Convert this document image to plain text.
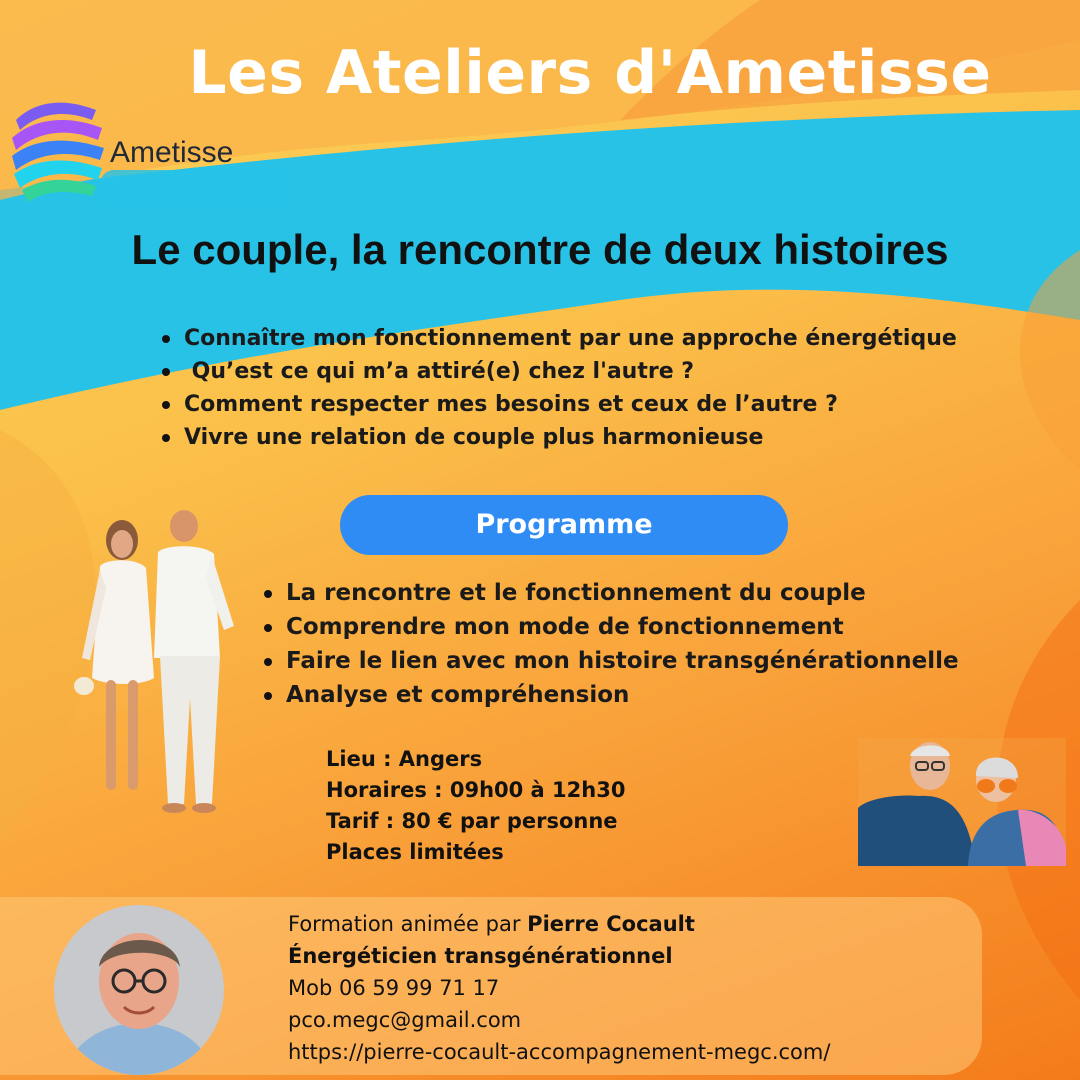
Les Ateliers d'Ametisse
Ametisse
Le couple, la rencontre de deux histoires
Connaître mon fonctionnement par une approche énergétique
Qu’est ce qui m’a attiré(e) chez l'autre ?
Comment respecter mes besoins et ceux de l’autre ?
Vivre une relation de couple plus harmonieuse
Programme
La rencontre et le fonctionnement du couple
Comprendre mon mode de fonctionnement
Faire le lien avec mon histoire transgénérationnelle
Analyse et compréhension
Lieu : Angers
Horaires : 09h00 à 12h30
Tarif : 80 € par personne
Places limitées
Formation animée par Pierre Cocault
Énergéticien transgénérationnel
Mob 06 59 99 71 17
pco.megc@gmail.com
https://pierre-cocault-accompagnement-megc.com/
